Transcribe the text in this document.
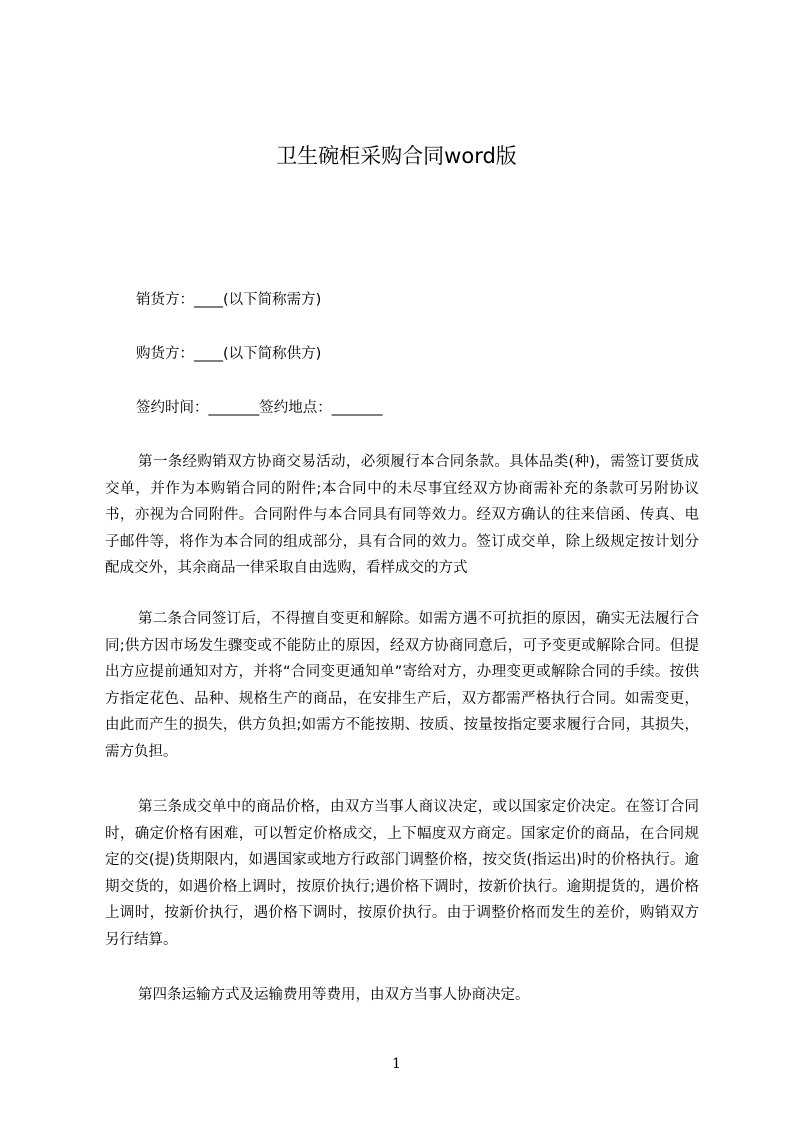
卫生碗柜采购合同word版
销货方：____(以下简称需方)
购货方：____(以下简称供方)
签约时间：_______签约地点：_______

第一条经购销双方协商交易活动，必须履行本合同条款。具体品类(种)，需签订要货成交单，并作为本购销合同的附件;本合同中的未尽事宜经双方协商需补充的条款可另附协议书，亦视为合同附件。合同附件与本合同具有同等效力。经双方确认的往来信函、传真、电子邮件等，将作为本合同的组成部分，具有合同的效力。签订成交单，除上级规定按计划分配成交外，其余商品一律采取自由选购，看样成交的方式

第二条合同签订后，不得擅自变更和解除。如需方遇不可抗拒的原因，确实无法履行合同;供方因市场发生骤变或不能防止的原因，经双方协商同意后，可予变更或解除合同。但提出方应提前通知对方，并将“合同变更通知单”寄给对方，办理变更或解除合同的手续。按供方指定花色、品种、规格生产的商品，在安排生产后，双方都需严格执行合同。如需变更，由此而产生的损失，供方负担;如需方不能按期、按质、按量按指定要求履行合同，其损失，需方负担。

第三条成交单中的商品价格，由双方当事人商议决定，或以国家定价决定。在签订合同时，确定价格有困难，可以暂定价格成交，上下幅度双方商定。国家定价的商品，在合同规定的交(提)货期限内，如遇国家或地方行政部门调整价格，按交货(指运出)时的价格执行。逾期交货的，如遇价格上调时，按原价执行;遇价格下调时，按新价执行。逾期提货的，遇价格上调时，按新价执行，遇价格下调时，按原价执行。由于调整价格而发生的差价，购销双方另行结算。

第四条运输方式及运输费用等费用，由双方当事人协商决定。

1
